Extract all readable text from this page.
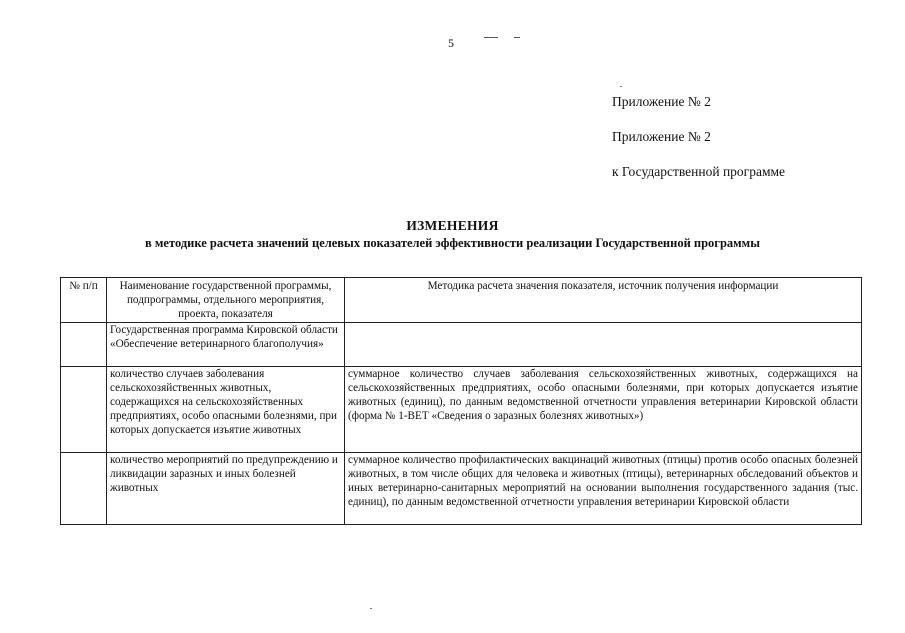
5
Приложение № 2
Приложение № 2
к Государственной программе
ИЗМЕНЕНИЯ
в методике расчета значений целевых показателей эффективности реализации Государственной программы
№ п/п	Наименование государственной программы, подпрограммы, отдельного мероприятия, проекта, показателя	Методика расчета значения показателя, источник получения информации
	Государственная программа Кировской области «Обеспечение ветеринарного благополучия»	
	количество случаев заболевания сельскохозяйственных животных, содержащихся на сельскохозяйственных предприятиях, особо опасными болезнями, при которых допускается изъятие животных	суммарное количество случаев заболевания сельскохозяйственных животных, содержащихся на сельскохозяйственных предприятиях, особо опасными болезнями, при которых допускается изъятие животных (единиц), по данным ведомственной отчетности управления ветеринарии Кировской области (форма № 1-ВЕТ «Сведения о заразных болезнях животных»)
	количество мероприятий по предупреждению и ликвидации заразных и иных болезней животных	суммарное количество профилактических вакцинаций животных (птицы) против особо опасных болезней животных, в том числе общих для человека и животных (птицы), ветеринарных обследований объектов и иных ветеринарно-санитарных мероприятий на основании выполнения государственного задания (тыс. единиц), по данным ведомственной отчетности управления ветеринарии Кировской области
